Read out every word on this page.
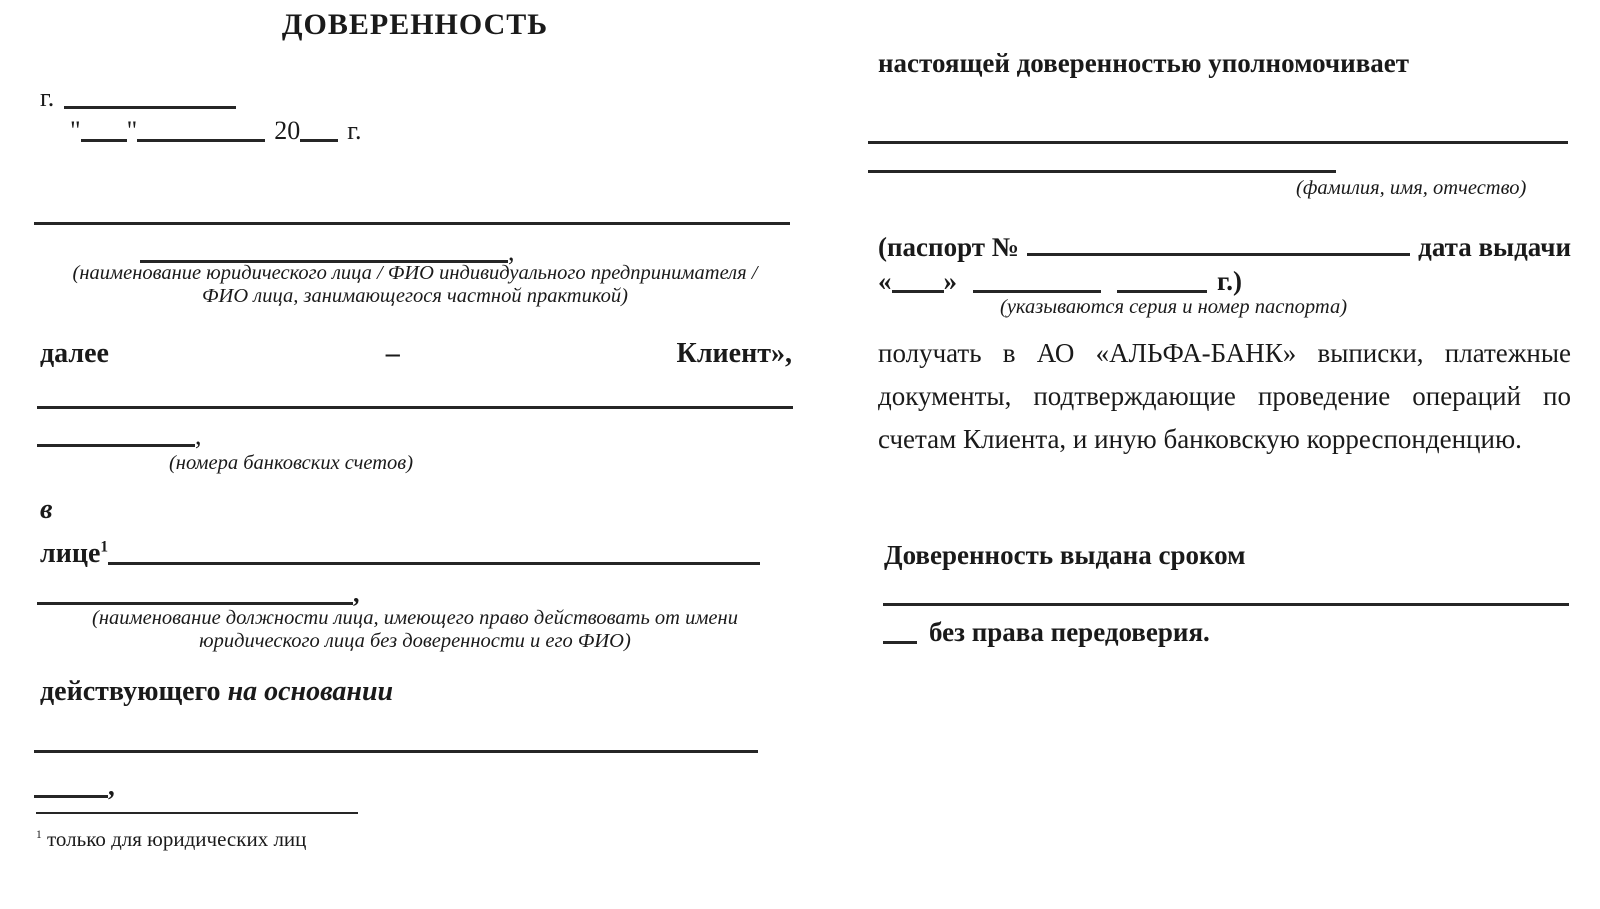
ДОВЕРЕННОСТЬ
г.
" "	20 г.
,
(наименование юридического лица / ФИО индивидуального предпринимателя /
ФИО лица, занимающегося частной практикой)
далее	–	Клиент»,
,
(номера банковских счетов)
в
лице$^1$
,
(наименование должности лица, имеющего право действовать от имени
юридического лица без доверенности и его ФИО)
действующего на основании
,
$^1$ только для юридических лиц
настоящей доверенностью уполномочивает
(фамилия, имя, отчество)
(паспорт №	дата выдачи
« »	г.)
(указываются серия и номер паспорта)
получать в АО «АЛЬФА-БАНК» выписки, платежные
документы, подтверждающие проведение операций по
счетам Клиента, и иную банковскую корреспонденцию.
Доверенность выдана сроком
без права передоверия.
